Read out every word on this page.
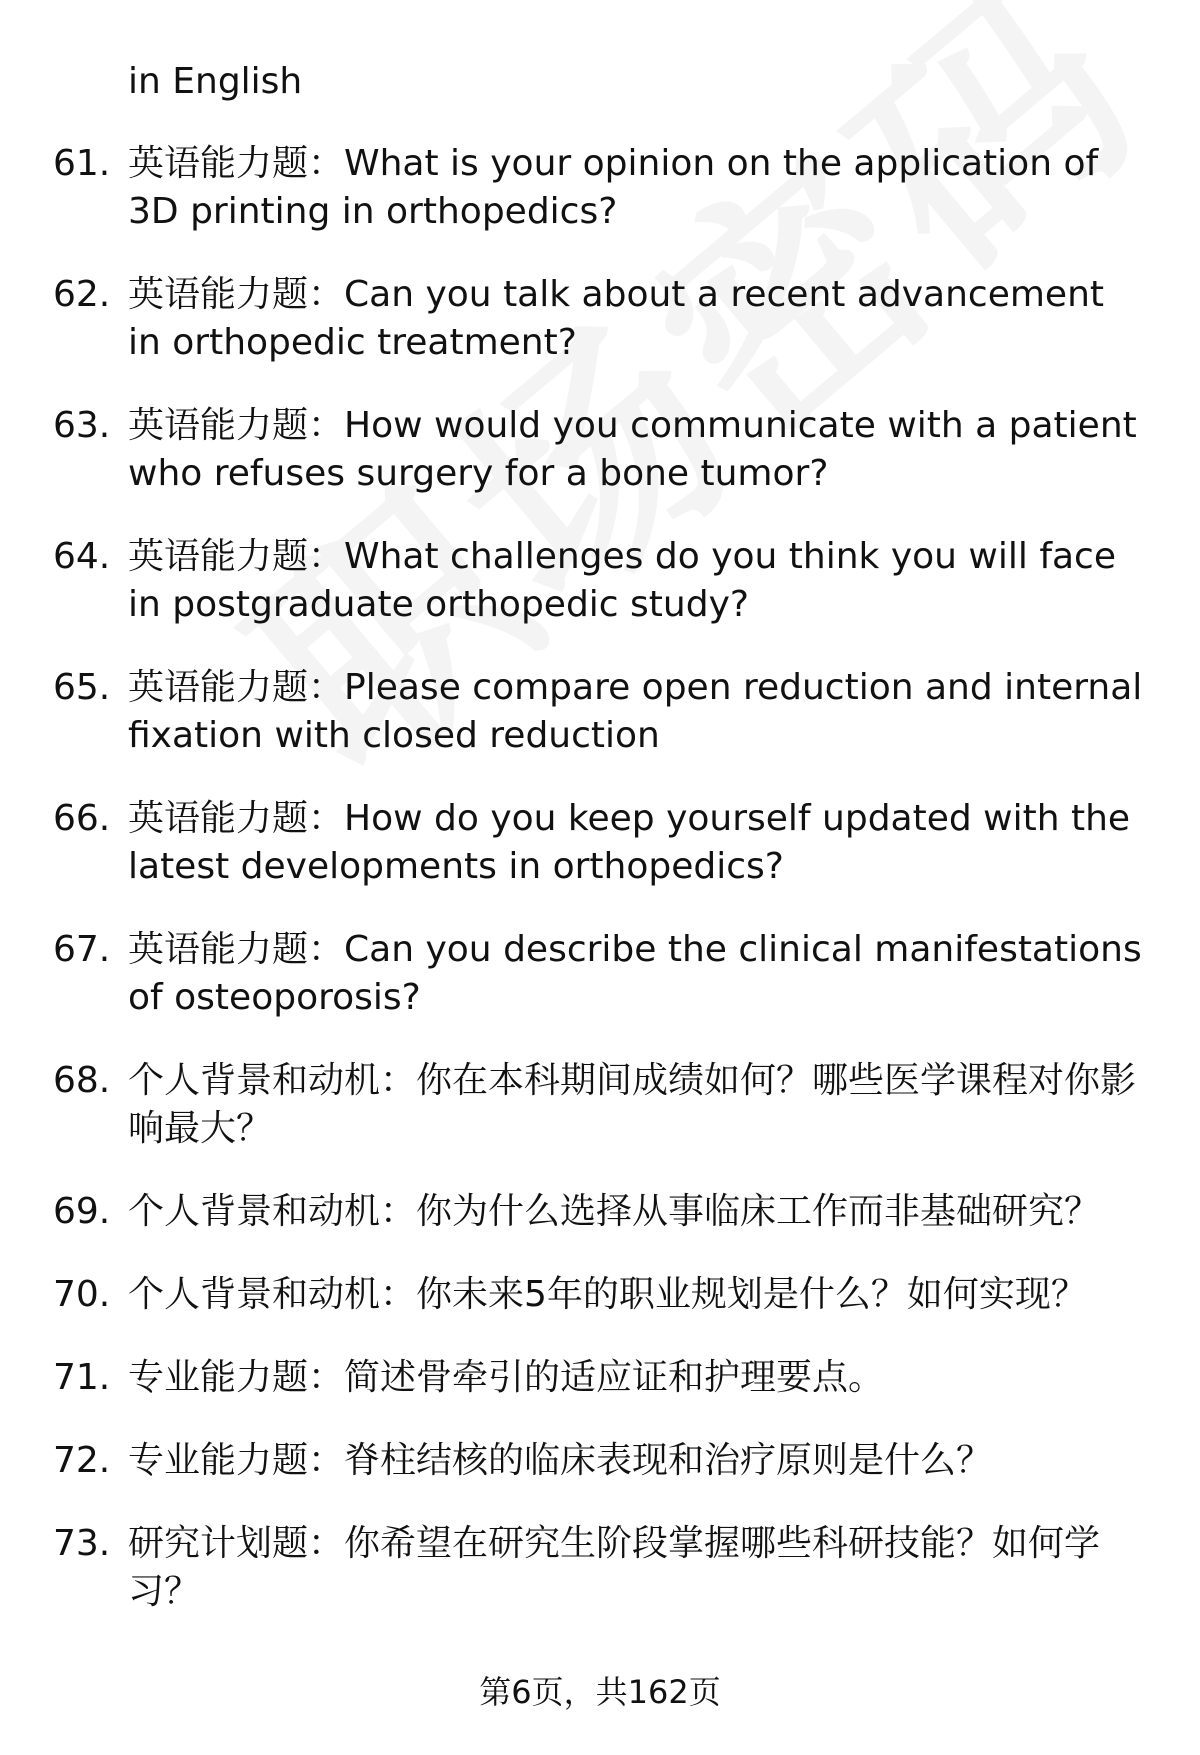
in English
61. 英语能力题：What is your opinion on the application of 3D printing in orthopedics?
62. 英语能力题：Can you talk about a recent advancement in orthopedic treatment?
63. 英语能力题：How would you communicate with a patient who refuses surgery for a bone tumor?
64. 英语能力题：What challenges do you think you will face in postgraduate orthopedic study?
65. 英语能力题：Please compare open reduction and internal fixation with closed reduction
66. 英语能力题：How do you keep yourself updated with the latest developments in orthopedics?
67. 英语能力题：Can you describe the clinical manifestations of osteoporosis?
68. 个人背景和动机：你在本科期间成绩如何？哪些医学课程对你影响最大？
69. 个人背景和动机：你为什么选择从事临床工作而非基础研究？
70. 个人背景和动机：你未来5年的职业规划是什么？如何实现？
71. 专业能力题：简述骨牵引的适应证和护理要点。
72. 专业能力题：脊柱结核的临床表现和治疗原则是什么？
73. 研究计划题：你希望在研究生阶段掌握哪些科研技能？如何学习？
第6页，共162页
